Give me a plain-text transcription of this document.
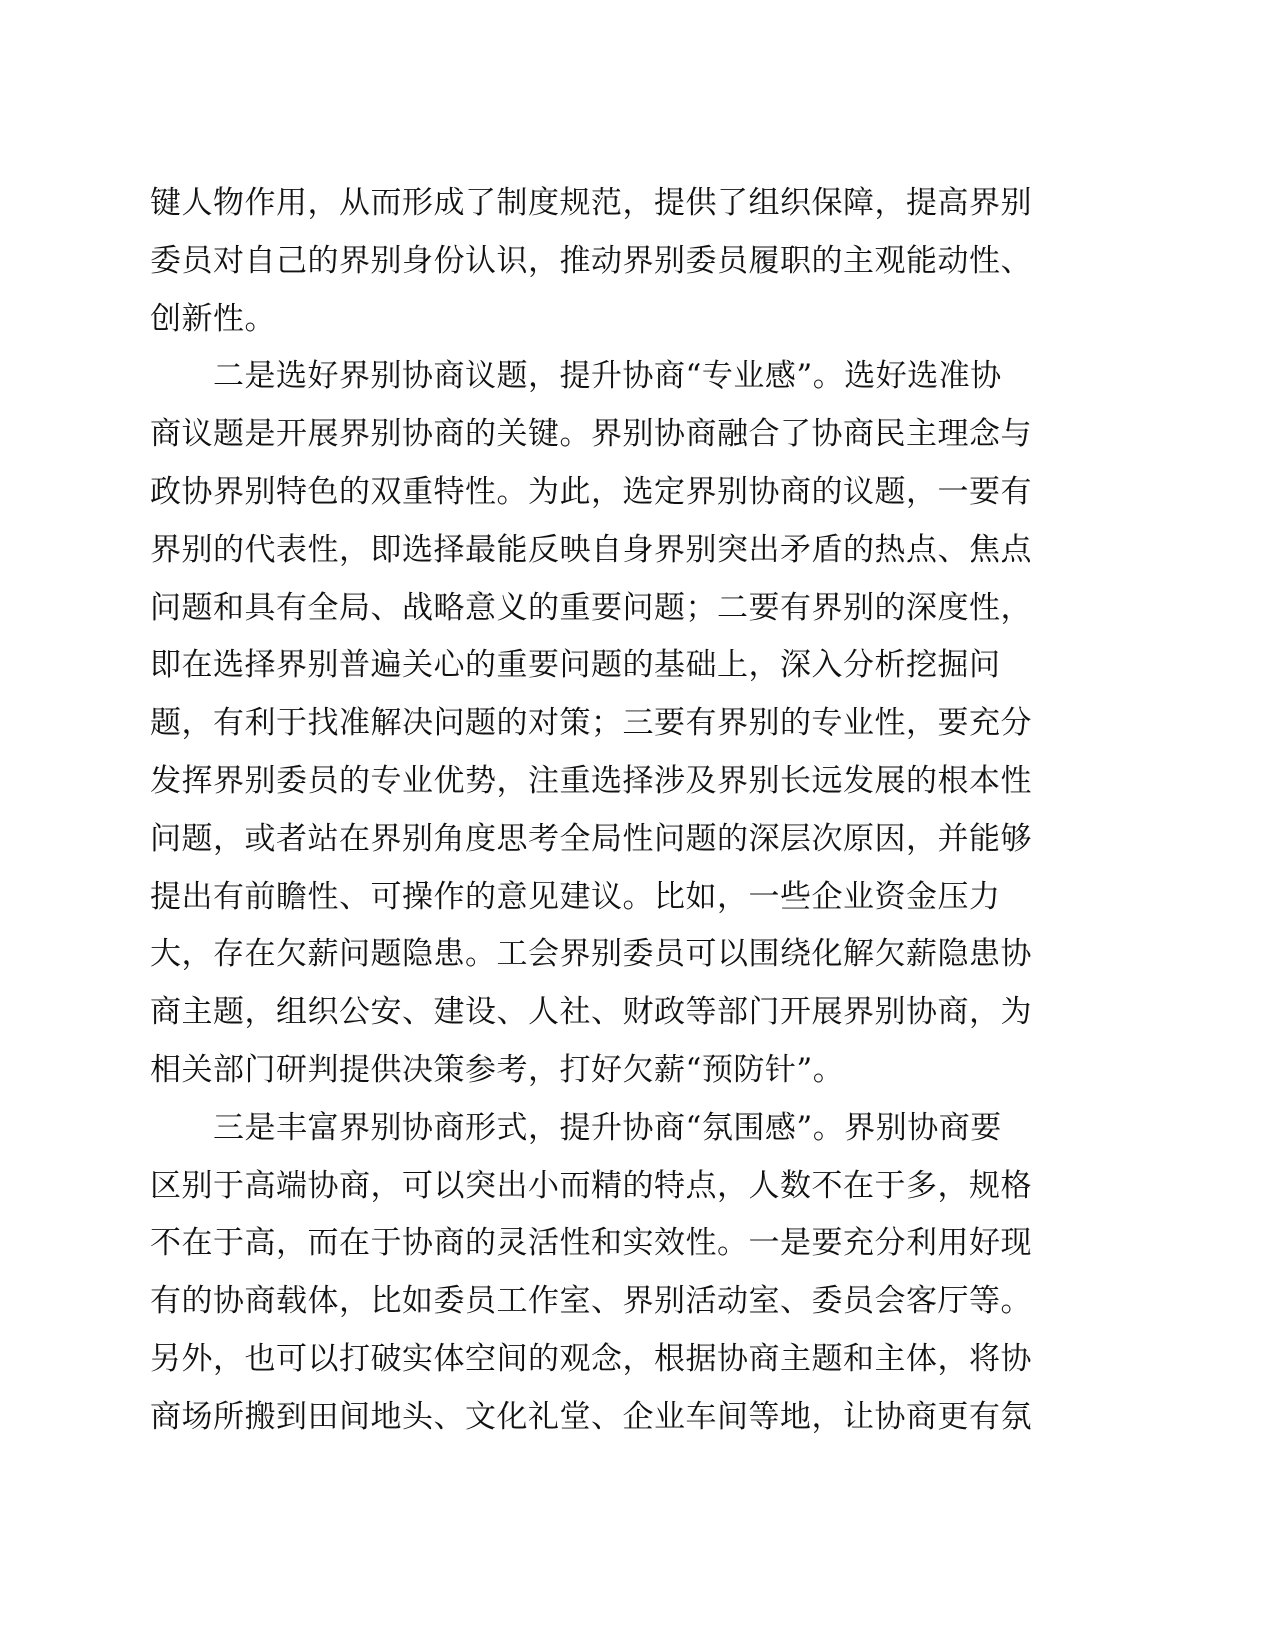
键人物作用，从而形成了制度规范，提供了组织保障，提高界别
委员对自己的界别身份认识，推动界别委员履职的主观能动性、
创新性。
二是选好界别协商议题，提升协商“专业感”。选好选准协
商议题是开展界别协商的关键。界别协商融合了协商民主理念与
政协界别特色的双重特性。为此，选定界别协商的议题，一要有
界别的代表性，即选择最能反映自身界别突出矛盾的热点、焦点
问题和具有全局、战略意义的重要问题；二要有界别的深度性，
即在选择界别普遍关心的重要问题的基础上，深入分析挖掘问
题，有利于找准解决问题的对策；三要有界别的专业性，要充分
发挥界别委员的专业优势，注重选择涉及界别长远发展的根本性
问题，或者站在界别角度思考全局性问题的深层次原因，并能够
提出有前瞻性、可操作的意见建议。比如，一些企业资金压力
大，存在欠薪问题隐患。工会界别委员可以围绕化解欠薪隐患协
商主题，组织公安、建设、人社、财政等部门开展界别协商，为
相关部门研判提供决策参考，打好欠薪“预防针”。
三是丰富界别协商形式，提升协商“氛围感”。界别协商要
区别于高端协商，可以突出小而精的特点，人数不在于多，规格
不在于高，而在于协商的灵活性和实效性。一是要充分利用好现
有的协商载体，比如委员工作室、界别活动室、委员会客厅等。
另外，也可以打破实体空间的观念，根据协商主题和主体，将协
商场所搬到田间地头、文化礼堂、企业车间等地，让协商更有氛
